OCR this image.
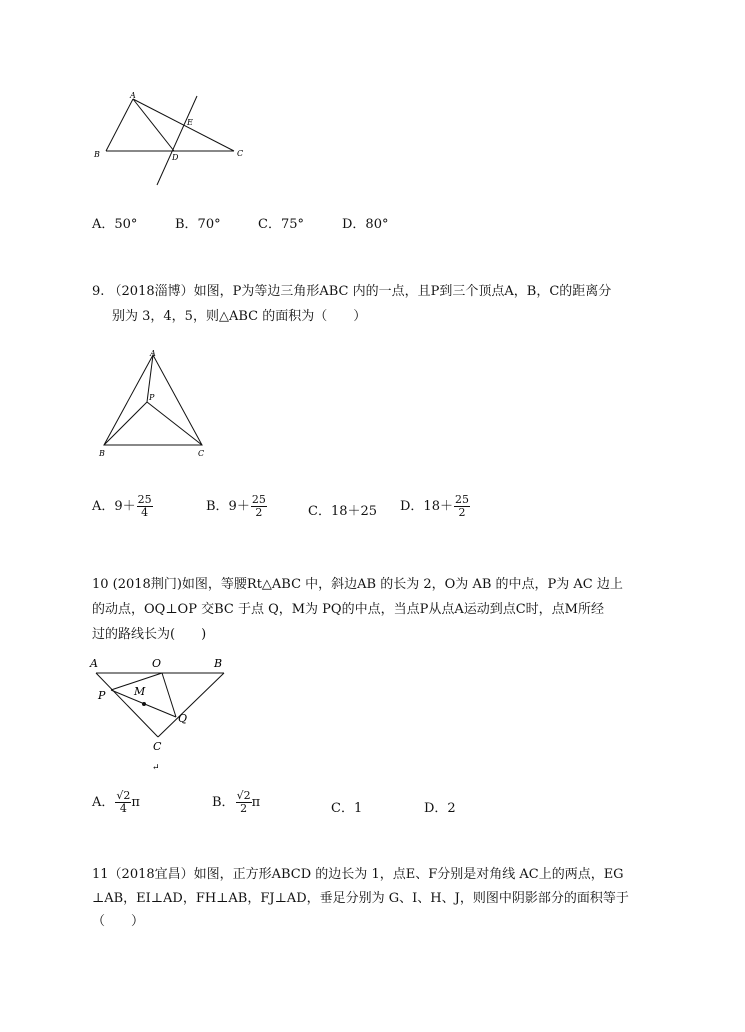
A
E
B	D	C
A．50°	B．70°	C．75°	D．80°
9. （2018淄博）如图，P为等边三角形ABC 内的一点，且P到三个顶点A，B，C的距离分
别为 3，4，5，则△ABC 的面积为（　　）
A
P
B	C
A．$9+ \frac{25}{4}$	B．$9+ \frac{25}{2}$	C．18＋25 D．$18+ \frac{25}{2}$
10 (2018荆门)如图，等腰Rt△ABC 中，斜边AB 的长为 2，O为 AB 的中点，P为 AC 边上
的动点，OQ⊥OP 交BC 于点 Q，M为 PQ的中点，当点P从点A运动到点C时，点M所经
过的路线长为(　　)
A	O	B
P	M
Q
C
↵
A． $\frac{√2}{4}$ π	B． $\frac{√2}{2}$ π	C．1	D．2
11（2018宜昌）如图，正方形ABCD 的边长为 1，点E、F分别是对角线 AC上的两点，EG
⊥AB，EI⊥AD，FH⊥AB，FJ⊥AD，垂足分别为 G、I、H、J，则图中阴影部分的面积等于
（　　）
